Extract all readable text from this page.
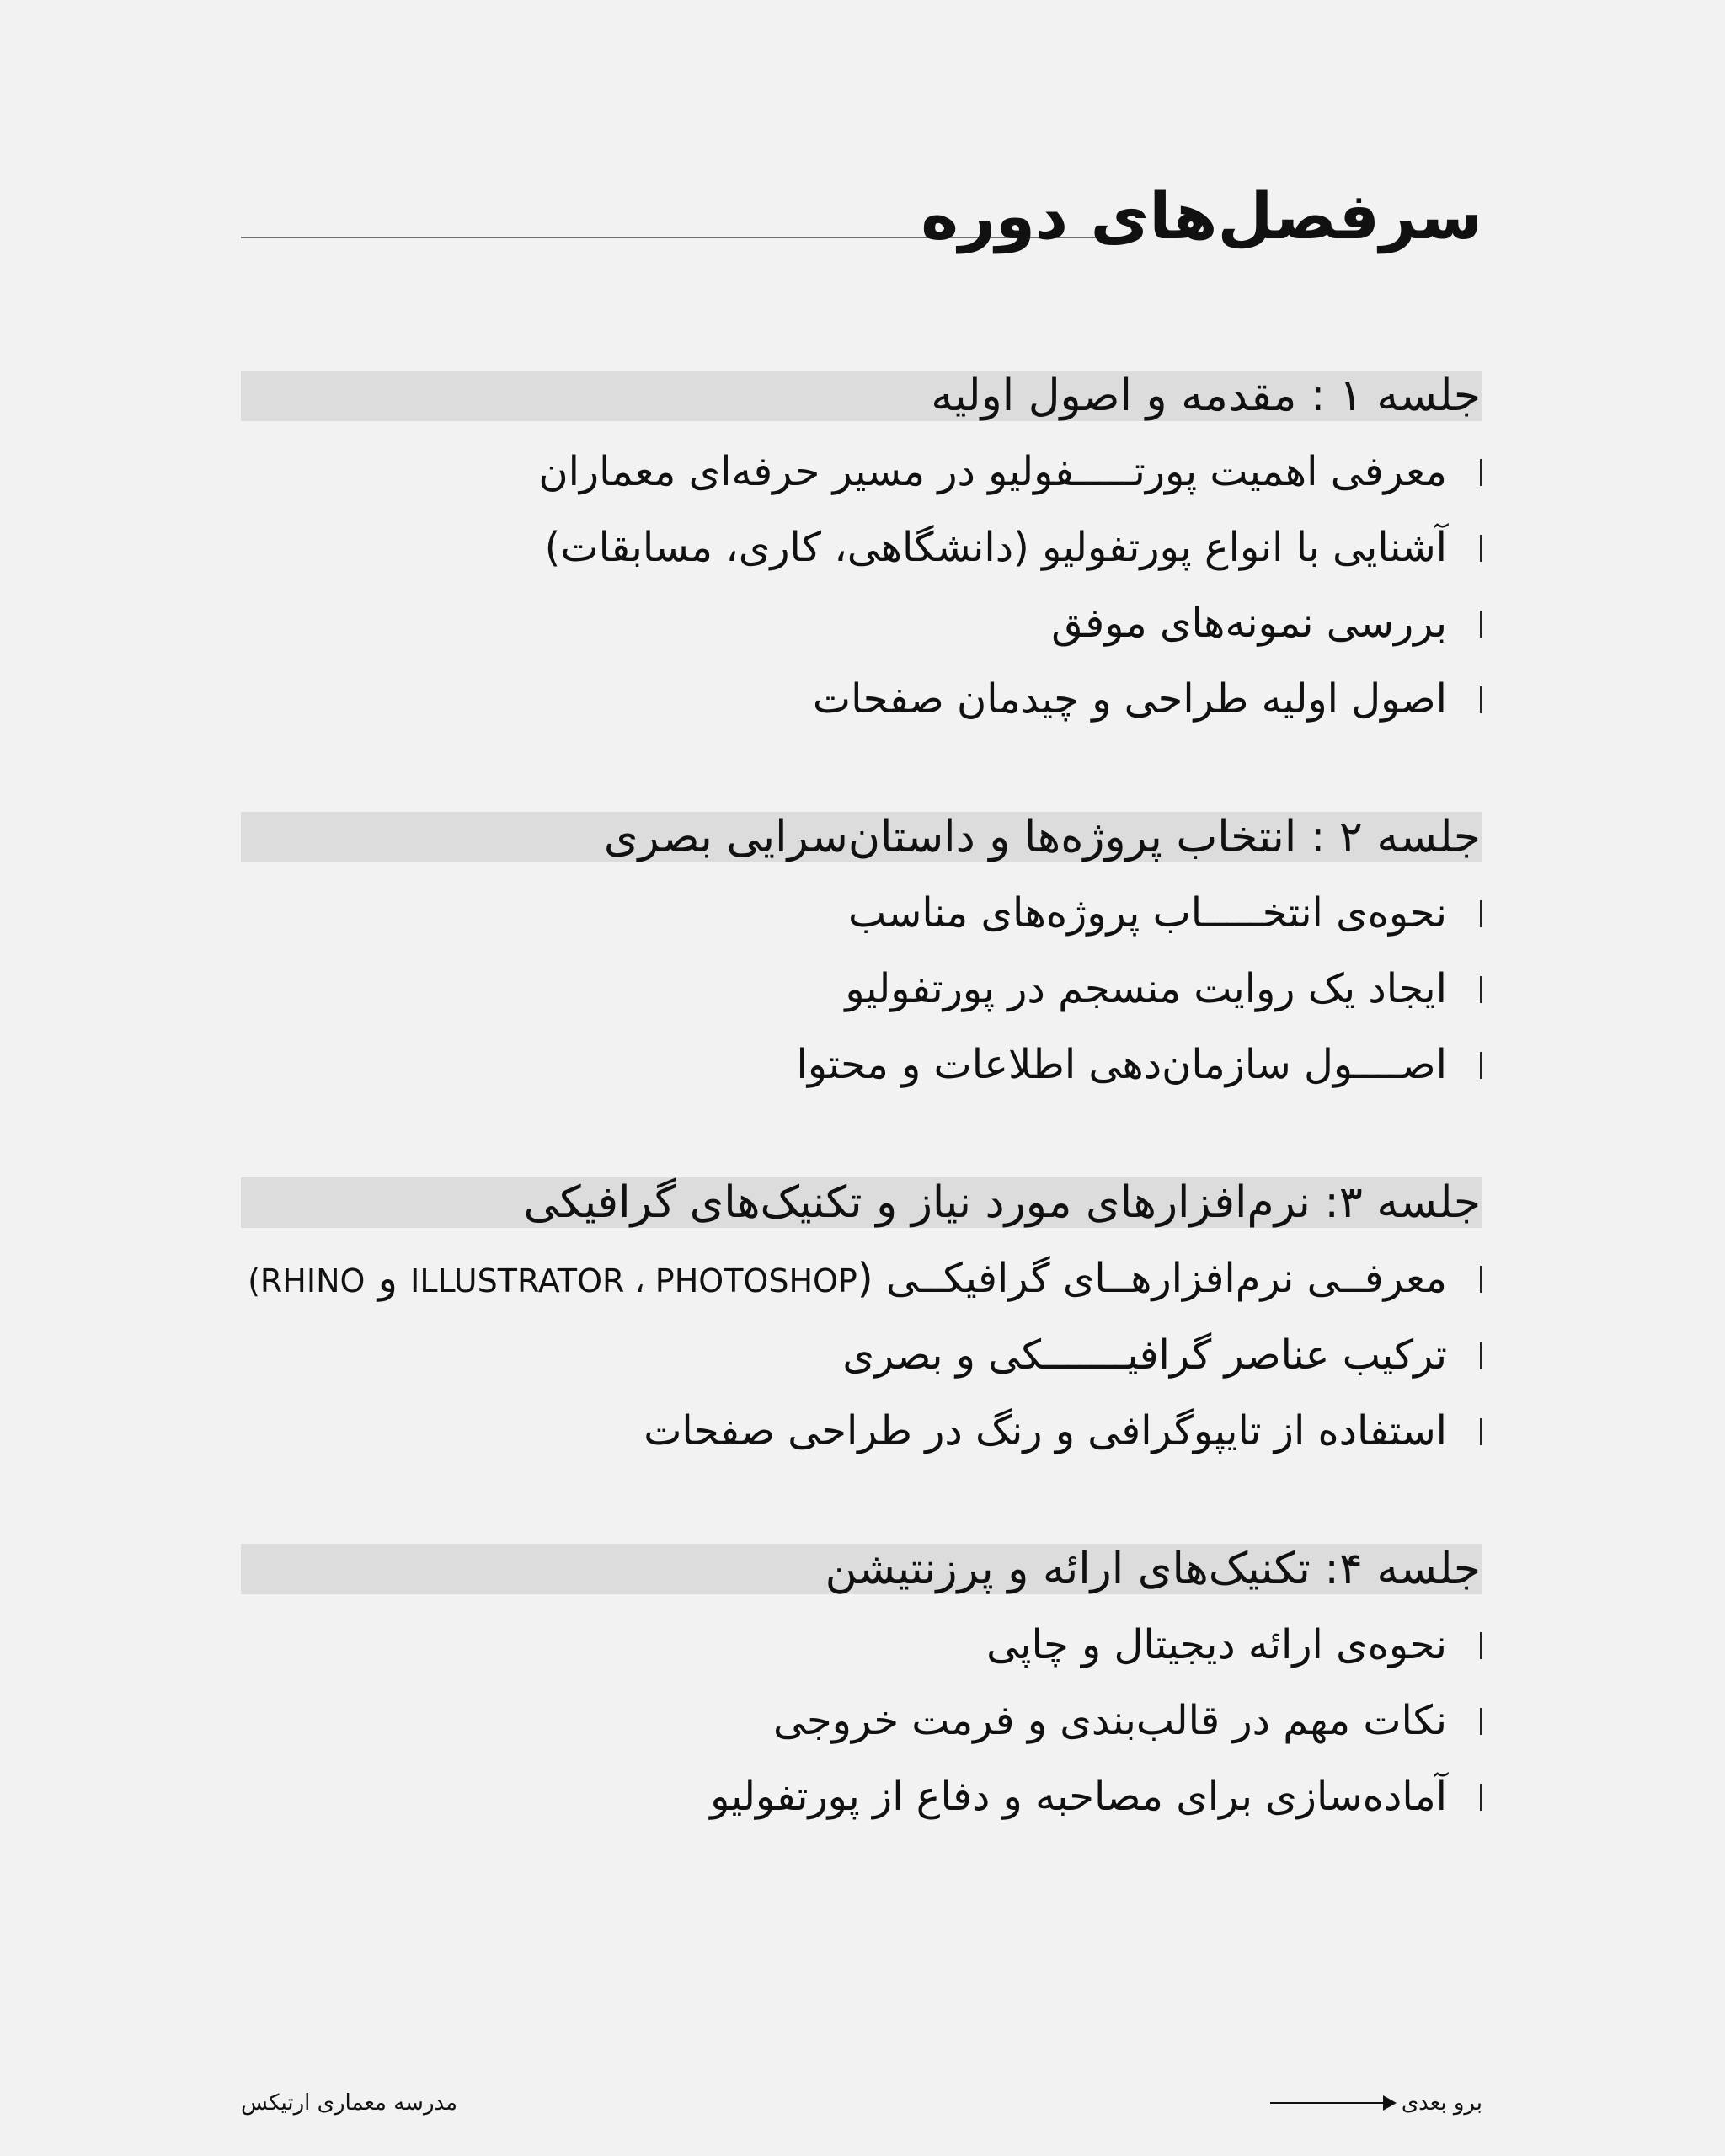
سرفصل‌های دوره
جلسه ۱ : مقدمه و اصول اولیه
معرفی اهمیت پورتـــــفولیو در مسیر حرفه‌ای معماران
آشنایی با انواع پورتفولیو (دانشگاهی، کاری، مسابقات)
بررسی نمونه‌های موفق
اصول اولیه طراحی و چیدمان صفحات
جلسه ۲ : انتخاب پروژه‌ها و داستان‌سرایی بصری
نحوه‌ی انتخـــــاب پروژه‌های مناسب
ایجاد یک روایت منسجم در پورتفولیو
اصــــول سازمان‌دهی اطلاعات و محتوا
جلسه ۳: نرم‌افزارهای مورد نیاز و تکنیک‌های گرافیکی
معرفــی نرم‌افزارهــای گرافیکــی (ILLUSTRATOR ، PHOTOSHOP و RHINO)
ترکیب عناصر گرافیـــــــکی و بصری
استفاده از تایپوگرافی و رنگ در طراحی صفحات
جلسه ۴: تکنیک‌های ارائه و پرزنتیشن
نحوه‌ی ارائه دیجیتال و چاپی
نکات مهم در قالب‌بندی و فرمت خروجی
آماده‌سازی برای مصاحبه و دفاع از پورتفولیو
مدرسه معماری ارتیکس	برو بعدی
